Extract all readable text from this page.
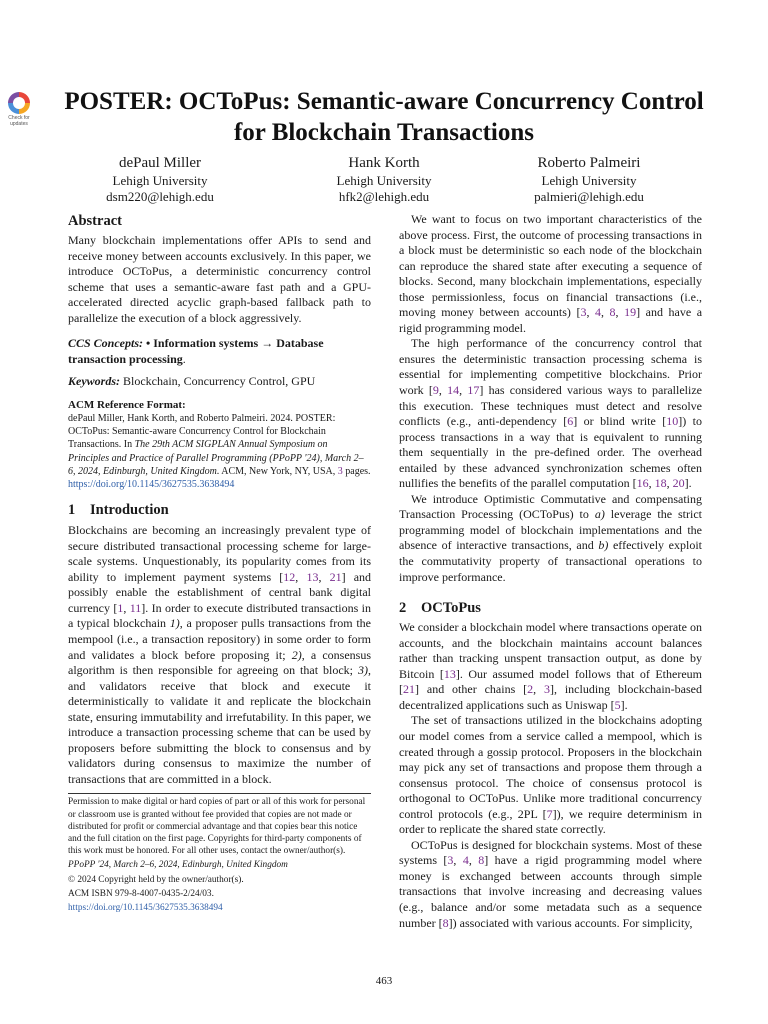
Check for updates
POSTER: OCToPus: Semantic-aware Concurrency Control for Blockchain Transactions
dePaul Miller
Lehigh University
dsm220@lehigh.edu
Hank Korth
Lehigh University
hfk2@lehigh.edu
Roberto Palmeiri
Lehigh University
palmieri@lehigh.edu
Abstract

Many blockchain implementations offer APIs to send and receive money between accounts exclusively. In this paper, we introduce OCToPus, a deterministic concurrency control scheme that uses a semantic-aware fast path and a GPU-accelerated directed acyclic graph-based fallback path to parallelize the execution of a block aggressively.

CCS Concepts: • Information systems → Database transaction processing.

Keywords: Blockchain, Concurrency Control, GPU

ACM Reference Format:

dePaul Miller, Hank Korth, and Roberto Palmeiri. 2024. POSTER: OCToPus: Semantic-aware Concurrency Control for Blockchain Transactions. In The 29th ACM SIGPLAN Annual Symposium on Principles and Practice of Parallel Programming (PPoPP '24), March 2–6, 2024, Edinburgh, United Kingdom. ACM, New York, NY, USA, 3 pages. https://doi.org/10.1145/3627535.3638494

1 Introduction

Blockchains are becoming an increasingly prevalent type of secure distributed transactional processing scheme for large-scale systems. Unquestionably, its popularity comes from its ability to implement payment systems [12, 13, 21] and possibly enable the establishment of central bank digital currency [1, 11]. In order to execute distributed transactions in a typical blockchain 1), a proposer pulls transactions from the mempool (i.e., a transaction repository) in some order to form and validates a block before proposing it; 2), a consensus algorithm is then responsible for agreeing on that block; 3), and validators receive that block and execute it deterministically to validate it and replicate the blockchain state, ensuring immutability and irrefutability. In this paper, we introduce a transaction processing scheme that can be used by proposers before submitting the block to consensus and by validators during consensus to maximize the number of transactions that are committed in a block.

Permission to make digital or hard copies of part or all of this work for personal or classroom use is granted without fee provided that copies are not made or distributed for profit or commercial advantage and that copies bear this notice and the full citation on the first page. Copyrights for third-party components of this work must be honored. For all other uses, contact the owner/author(s).

PPoPP '24, March 2–6, 2024, Edinburgh, United Kingdom

© 2024 Copyright held by the owner/author(s).

ACM ISBN 979-8-4007-0435-2/24/03.

https://doi.org/10.1145/3627535.3638494

We want to focus on two important characteristics of the above process. First, the outcome of processing transactions in a block must be deterministic so each node of the blockchain can reproduce the shared state after executing a sequence of blocks. Second, many blockchain implementations, especially those permissionless, focus on financial transactions (i.e., moving money between accounts) [3, 4, 8, 19] and have a rigid programming model.

The high performance of the concurrency control that ensures the deterministic transaction processing schema is essential for implementing competitive blockchains. Prior work [9, 14, 17] has considered various ways to parallelize this execution. These techniques must detect and resolve conflicts (e.g., anti-dependency [6] or blind write [10]) to process transactions in a way that is equivalent to running them sequentially in the pre-defined order. The overhead entailed by these advanced synchronization schemes often nullifies the benefits of the parallel computation [16, 18, 20].

We introduce Optimistic Commutative and compensating Transaction Processing (OCToPus) to a) leverage the strict programming model of blockchain implementations and the absence of interactive transactions, and b) effectively exploit the commutativity property of transactional operations to improve performance.

2 OCToPus

We consider a blockchain model where transactions operate on accounts, and the blockchain maintains account balances rather than tracking unspent transaction output, as done by Bitcoin [13]. Our assumed model follows that of Ethereum [21] and other chains [2, 3], including blockchain-based decentralized applications such as Uniswap [5].

The set of transactions utilized in the blockchains adopting our model comes from a service called a mempool, which is created through a gossip protocol. Proposers in the blockchain may pick any set of transactions and propose them through a consensus protocol. The choice of consensus protocol is orthogonal to OCToPus. Unlike more traditional concurrency control protocols (e.g., 2PL [7]), we require determinism in order to replicate the shared state correctly.

OCToPus is designed for blockchain systems. Most of these systems [3, 4, 8] have a rigid programming model where money is exchanged between accounts through simple transactions that involve increasing and decreasing values (e.g., balance and/or some metadata such as a sequence number [8]) associated with various accounts. For simplicity,

463
